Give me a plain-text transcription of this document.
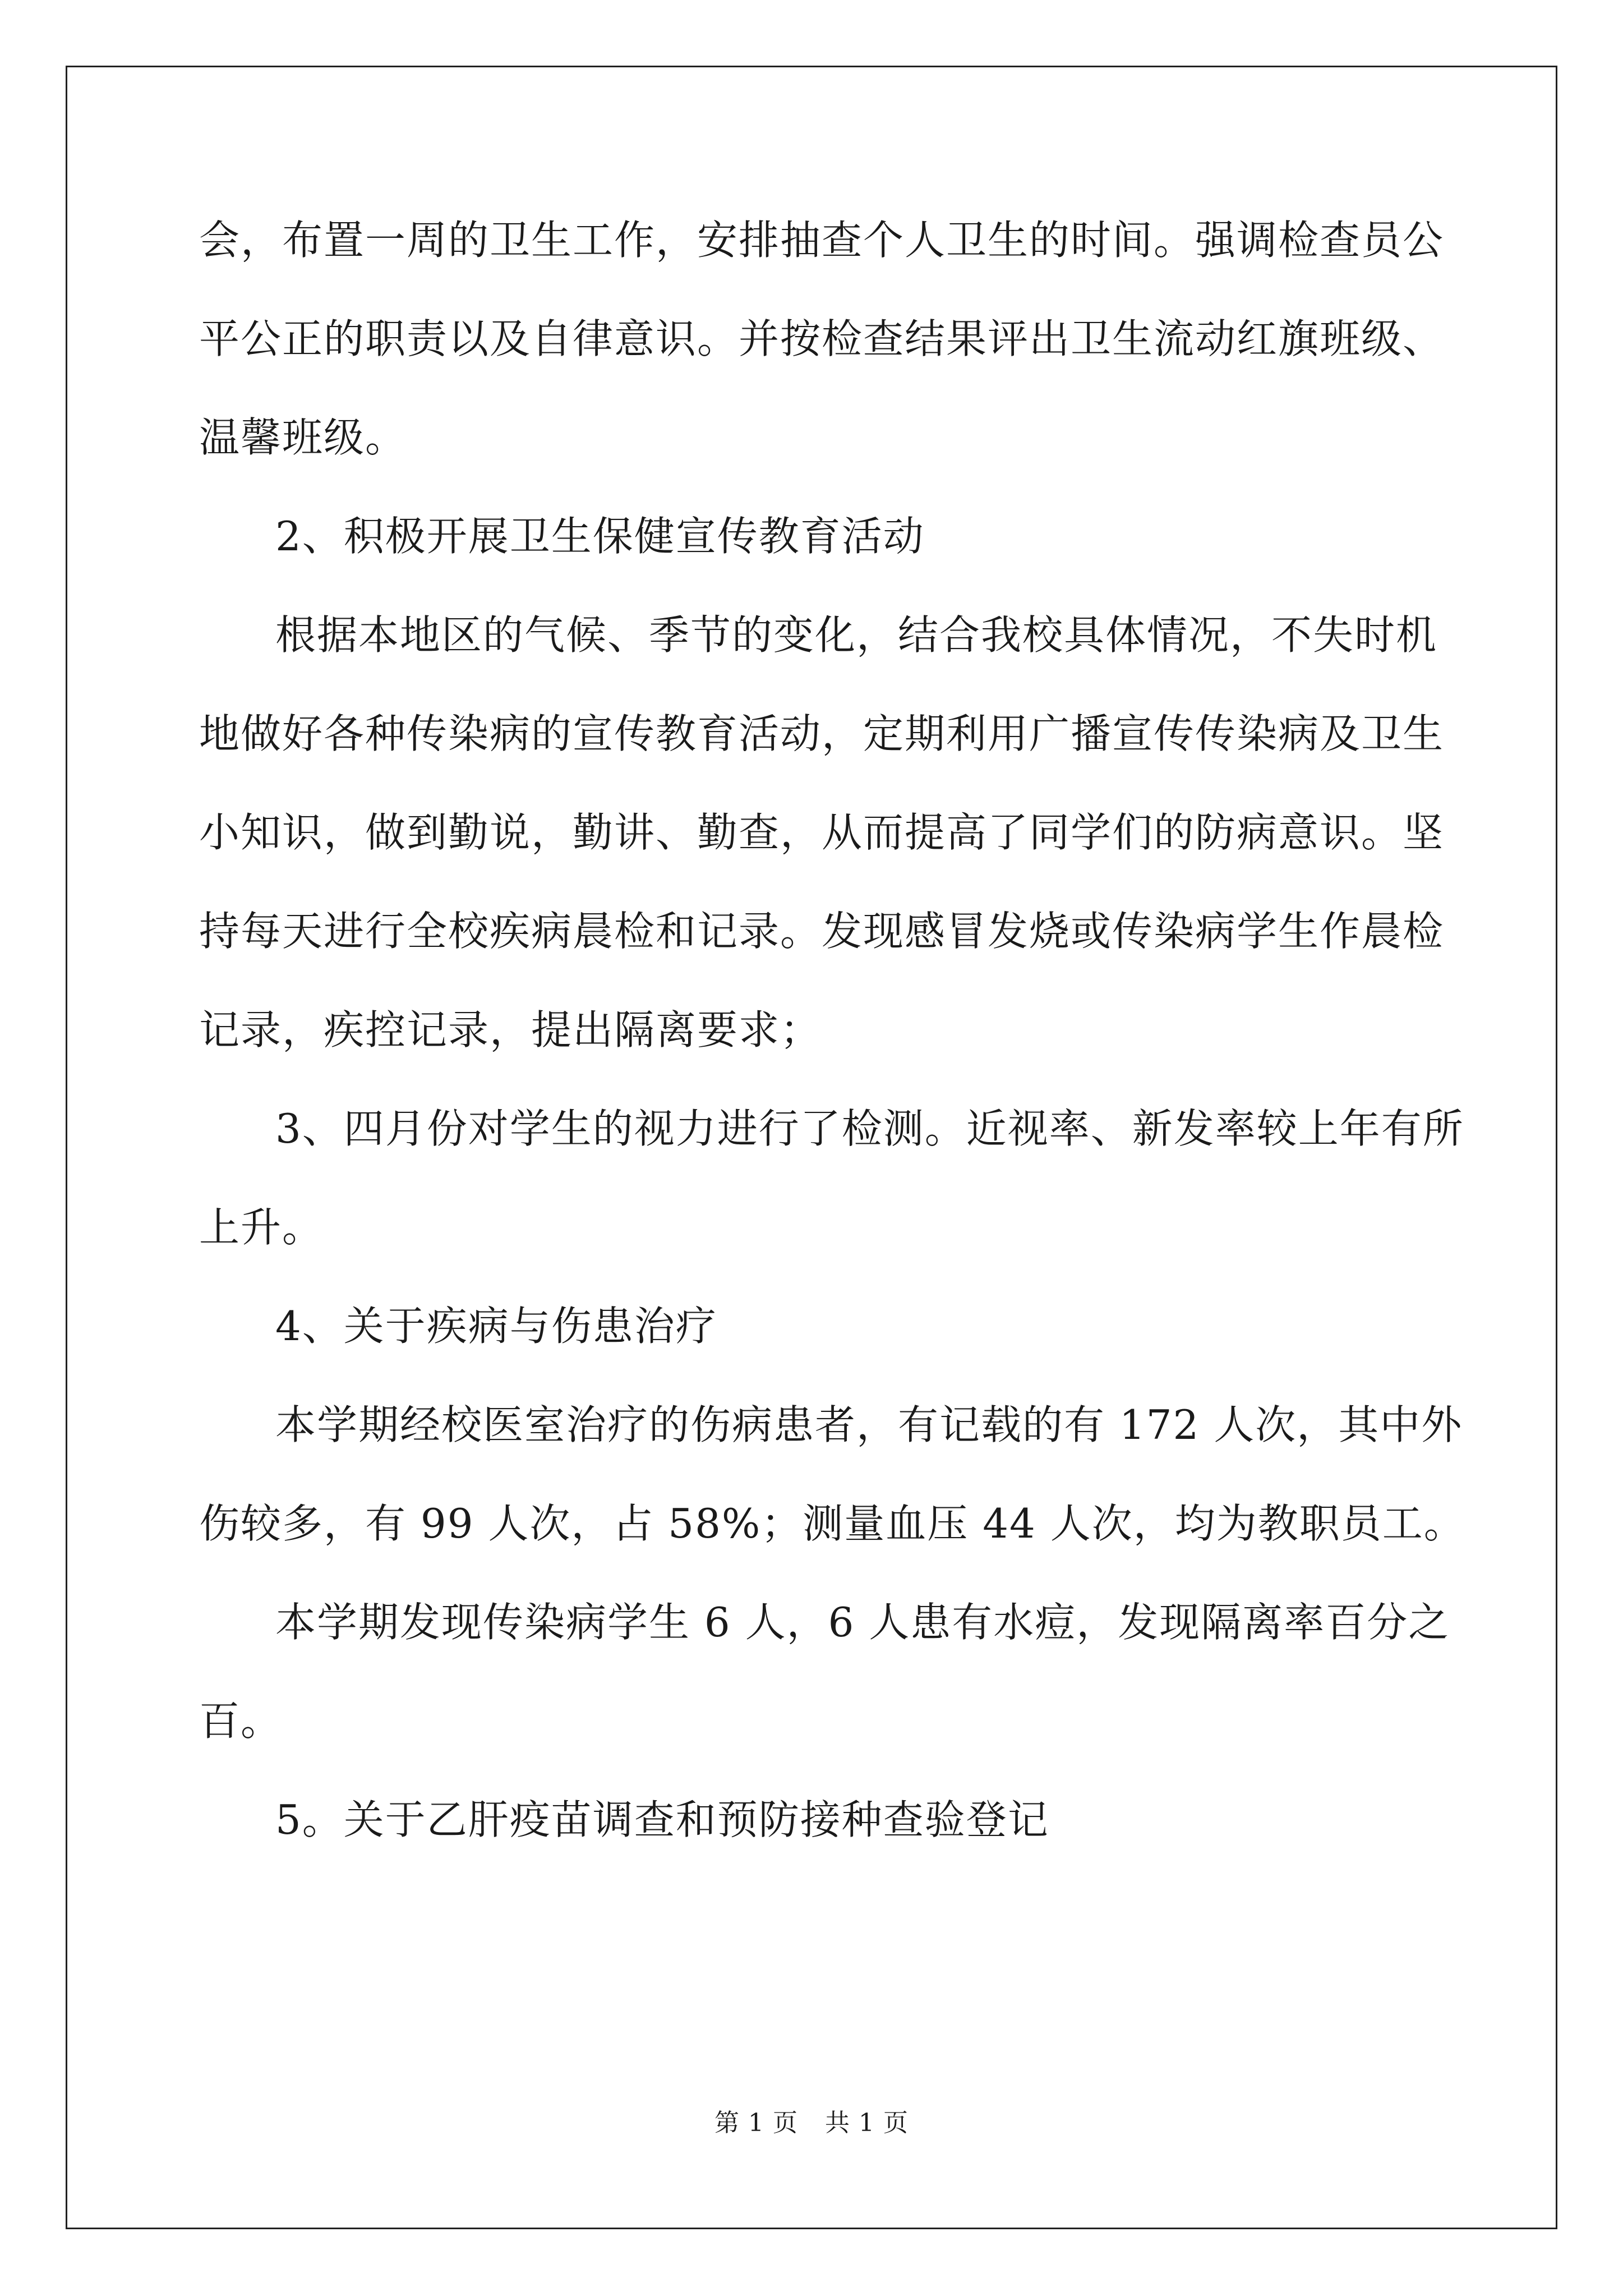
会，布置一周的卫生工作，安排抽查个人卫生的时间。强调检查员公
平公正的职责以及自律意识。并按检查结果评出卫生流动红旗班级、
温馨班级。
2、积极开展卫生保健宣传教育活动
根据本地区的气候、季节的变化，结合我校具体情况，不失时机
地做好各种传染病的宣传教育活动，定期利用广播宣传传染病及卫生
小知识，做到勤说，勤讲、勤查，从而提高了同学们的防病意识。坚
持每天进行全校疾病晨检和记录。发现感冒发烧或传染病学生作晨检
记录，疾控记录，提出隔离要求；
3、四月份对学生的视力进行了检测。近视率、新发率较上年有所
上升。
4、关于疾病与伤患治疗
本学期经校医室治疗的伤病患者，有记载的有 172 人次，其中外
伤较多，有 99 人次，占 58%；测量血压 44 人次，均为教职员工。
本学期发现传染病学生 6 人，6 人患有水痘，发现隔离率百分之
百。
5。关于乙肝疫苗调查和预防接种查验登记
第 1 页 共 1 页
